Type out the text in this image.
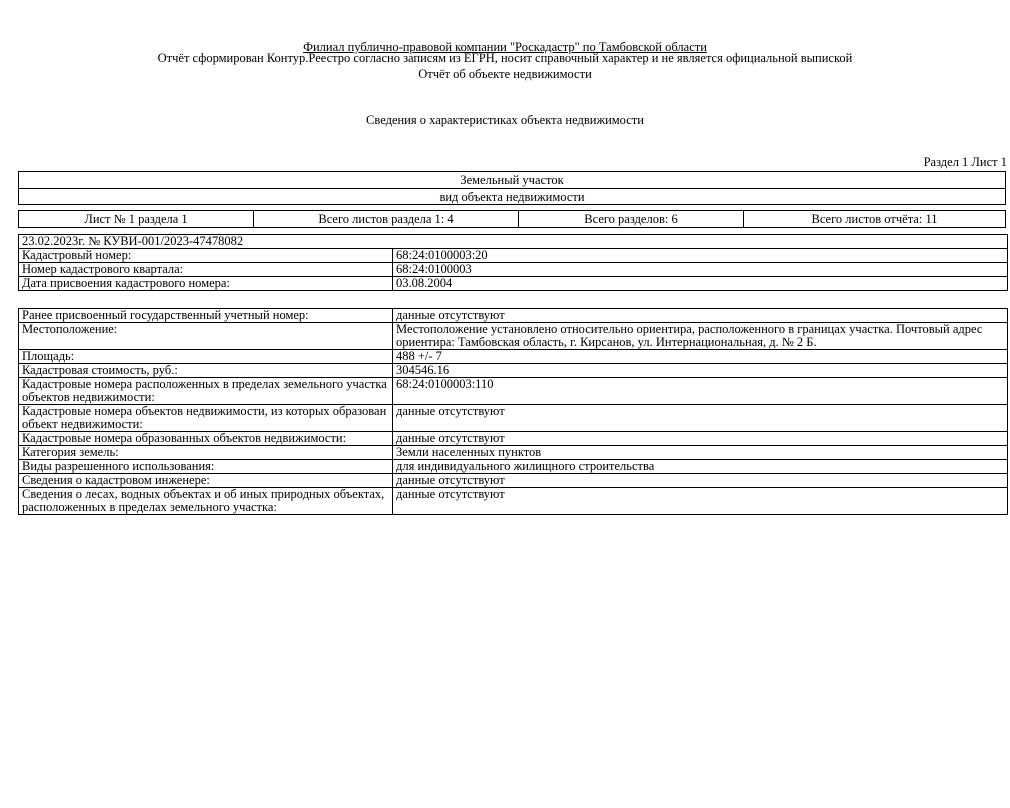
Филиал публично-правовой компании "Роскадастр" по Тамбовской области
Отчёт сформирован Контур.Реестро согласно записям из ЕГРН, носит справочный характер и не является официальной выпиской
Отчёт об объекте недвижимости
Сведения о характеристиках объекта недвижимости
Раздел 1 Лист 1
Земельный участок
вид объекта недвижимости
Лист № 1 раздела 1	Всего листов раздела 1: 4	Всего разделов: 6	Всего листов отчёта: 11
23.02.2023г. № КУВИ-001/2023-47478082	
Кадастровый номер:	68:24:0100003:20
Номер кадастрового квартала:	68:24:0100003
Дата присвоения кадастрового номера:	03.08.2004
Ранее присвоенный государственный учетный номер:	данные отсутствуют
Местоположение:	Местоположение установлено относительно ориентира, расположенного в границах участка. Почтовый адрес ориентира: Тамбовская область, г. Кирсанов, ул. Интернациональная, д. № 2 Б.
Площадь:	488 +/- 7
Кадастровая стоимость, руб.:	304546.16
Кадастровые номера расположенных в пределах земельного участка объектов недвижимости:	68:24:0100003:110
Кадастровые номера объектов недвижимости, из которых образован объект недвижимости:	данные отсутствуют
Кадастровые номера образованных объектов недвижимости:	данные отсутствуют
Категория земель:	Земли населенных пунктов
Виды разрешенного использования:	для индивидуального жилищного строительства
Сведения о кадастровом инженере:	данные отсутствуют
Сведения о лесах, водных объектах и об иных природных объектах, расположенных в пределах земельного участка:	данные отсутствуют
